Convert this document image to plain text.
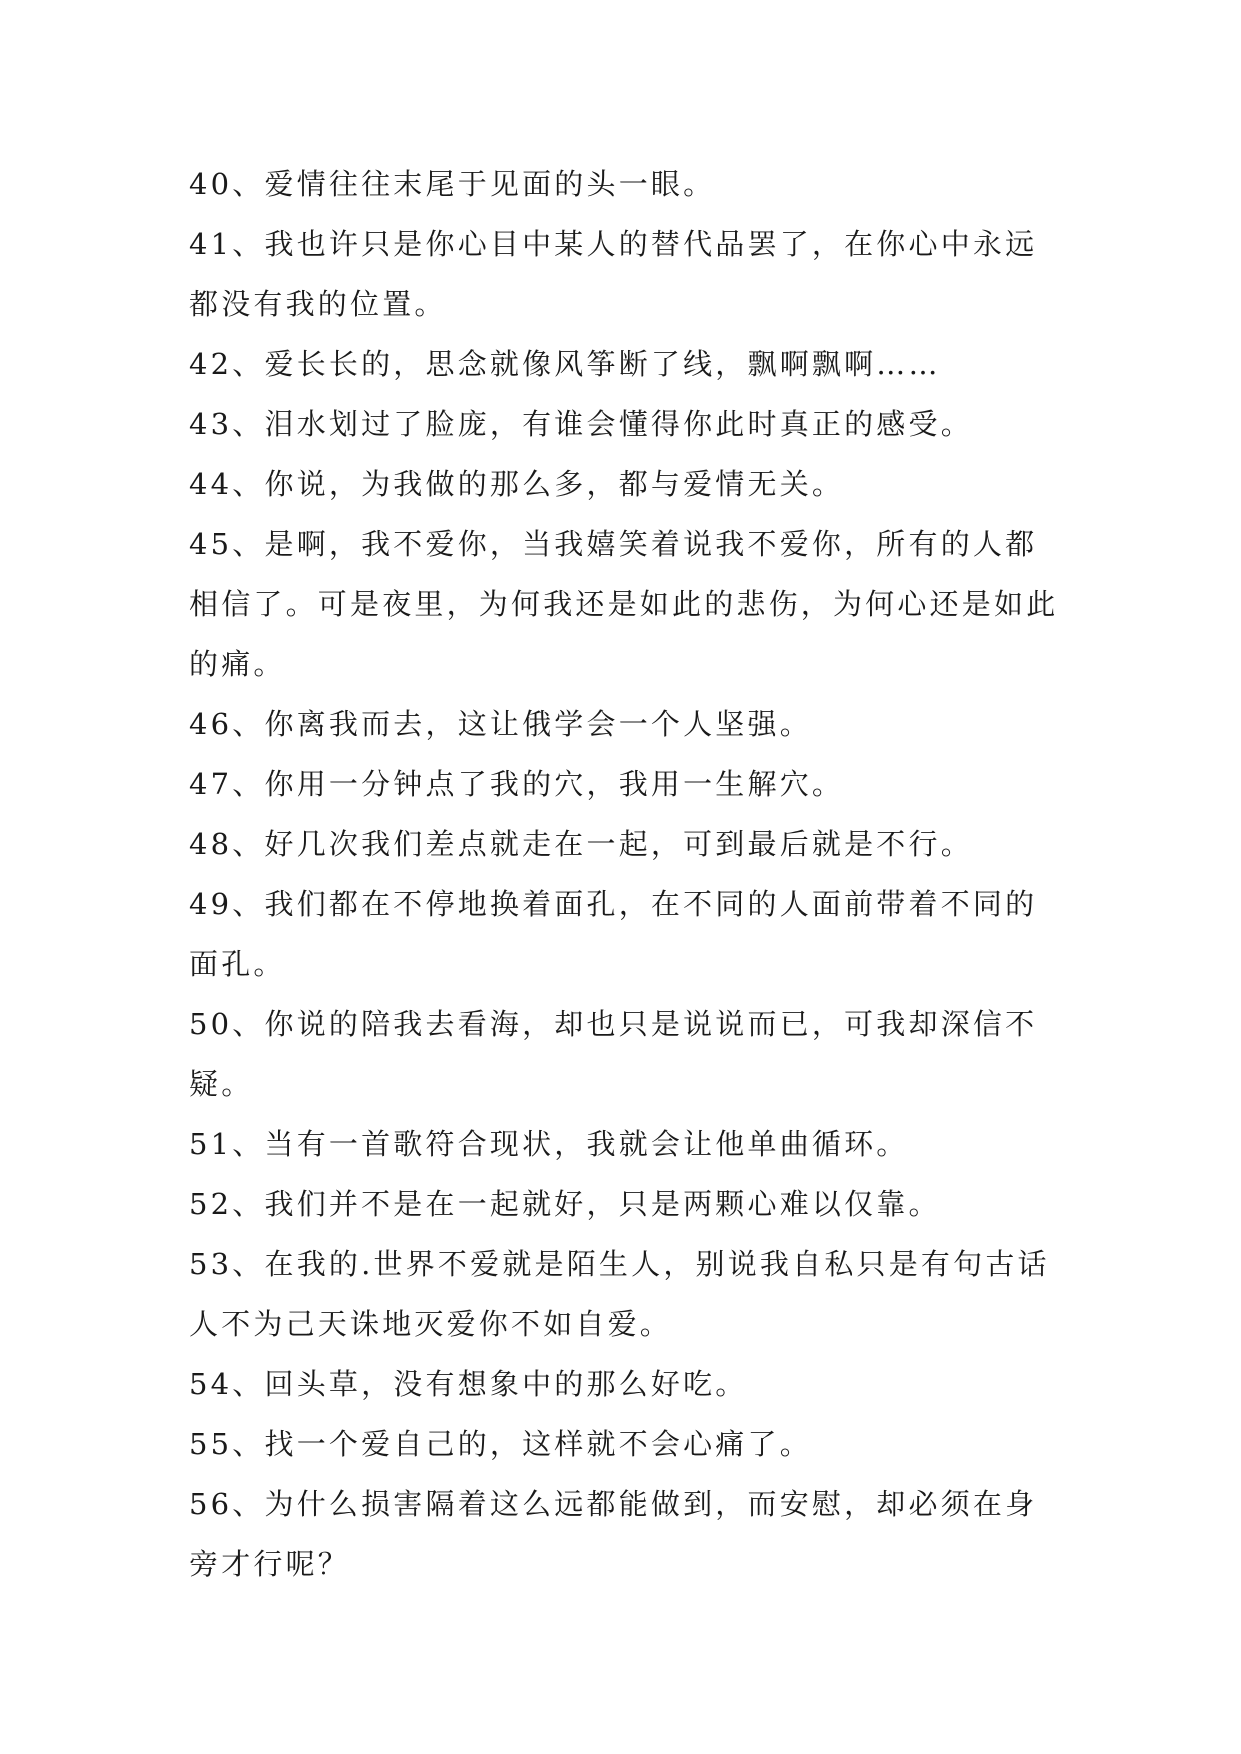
40、爱情往往末尾于见面的头一眼。

41、我也许只是你心目中某人的替代品罢了，在你心中永远都没有我的位置。

42、爱长长的，思念就像风筝断了线，飘啊飘啊……

43、泪水划过了脸庞，有谁会懂得你此时真正的感受。

44、你说，为我做的那么多，都与爱情无关。

45、是啊，我不爱你，当我嬉笑着说我不爱你，所有的人都相信了。可是夜里，为何我还是如此的悲伤，为何心还是如此的痛。

46、你离我而去，这让俄学会一个人坚强。

47、你用一分钟点了我的穴，我用一生解穴。

48、好几次我们差点就走在一起，可到最后就是不行。

49、我们都在不停地换着面孔，在不同的人面前带着不同的面孔。

50、你说的陪我去看海，却也只是说说而已，可我却深信不疑。

51、当有一首歌符合现状，我就会让他单曲循环。

52、我们并不是在一起就好，只是两颗心难以仅靠。

53、在我的.世界不爱就是陌生人，别说我自私只是有句古话人不为己天诛地灭爱你不如自爱。

54、回头草，没有想象中的那么好吃。

55、找一个爱自己的，这样就不会心痛了。

56、为什么损害隔着这么远都能做到，而安慰，却必须在身旁才行呢？
